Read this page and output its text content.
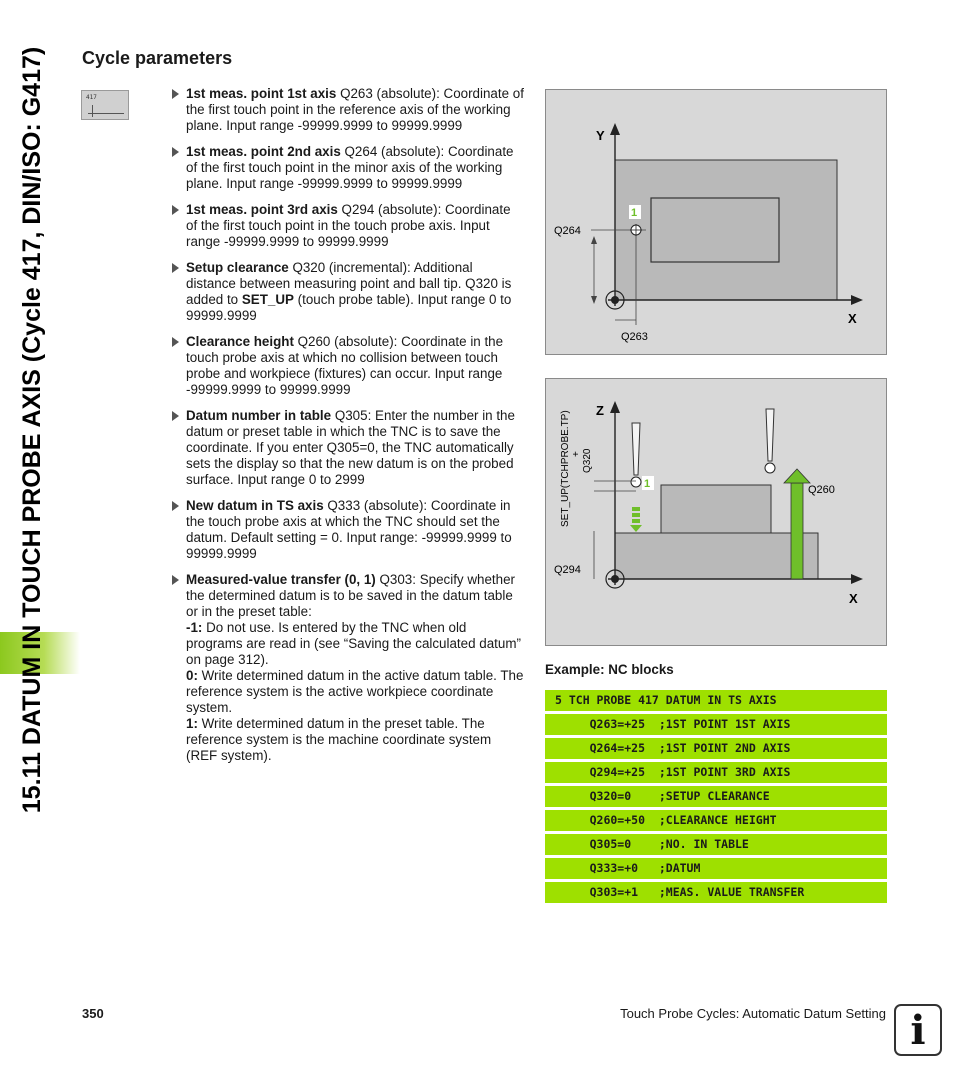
15.11 DATUM IN TOUCH PROBE AXIS (Cycle 417, DIN/ISO: G417)	Cycle parameters
417	1st meas. point 1st axis Q263 (absolute): Coordinate of the first touch point in the reference axis of the working plane. Input range -99999.9999 to 99999.9999
1st meas. point 2nd axis Q264 (absolute): Coordinate of the first touch point in the minor axis of the working plane. Input range -99999.9999 to 99999.9999
1st meas. point 3rd axis Q294 (absolute): Coordinate of the first touch point in the touch probe axis. Input range -99999.9999 to 99999.9999
Setup clearance Q320 (incremental): Additional distance between measuring point and ball tip. Q320 is added to SET_UP (touch probe table). Input range 0 to 99999.9999
Clearance height Q260 (absolute): Coordinate in the touch probe axis at which no collision between touch probe and workpiece (fixtures) can occur. Input range -99999.9999 to 99999.9999
Datum number in table Q305: Enter the number in the datum or preset table in which the TNC is to save the coordinate. If you enter Q305=0, the TNC automatically sets the display so that the new datum is on the probed surface. Input range 0 to 2999
New datum in TS axis Q333 (absolute): Coordinate in the touch probe axis at which the TNC should set the datum. Default setting = 0. Input range: -99999.9999 to 99999.9999
Measured-value transfer (0, 1) Q303: Specify whether the determined datum is to be saved in the datum table or in the preset table:
-1: Do not use. Is entered by the TNC when old programs are read in (see “Saving the calculated datum” on page 312).
0: Write determined datum in the active datum table. The reference system is the active workpiece coordinate system.
1: Write determined datum in the preset table. The reference system is the machine coordinate system (REF system).
Y
X
1
Q264
Q263
Z
X
1
Q294
Q260
SET_UP(TCHPROBE.TP) + Q320
Example: NC blocks
5 TCH PROBE 417 DATUM IN TS AXIS
Q263=+25  ;1ST POINT 1ST AXIS
Q264=+25  ;1ST POINT 2ND AXIS
Q294=+25  ;1ST POINT 3RD AXIS
Q320=0    ;SETUP CLEARANCE
Q260=+50  ;CLEARANCE HEIGHT
Q305=0    ;NO. IN TABLE
Q333=+0   ;DATUM
Q303=+1   ;MEAS. VALUE TRANSFER
350	Touch Probe Cycles: Automatic Datum Setting i
